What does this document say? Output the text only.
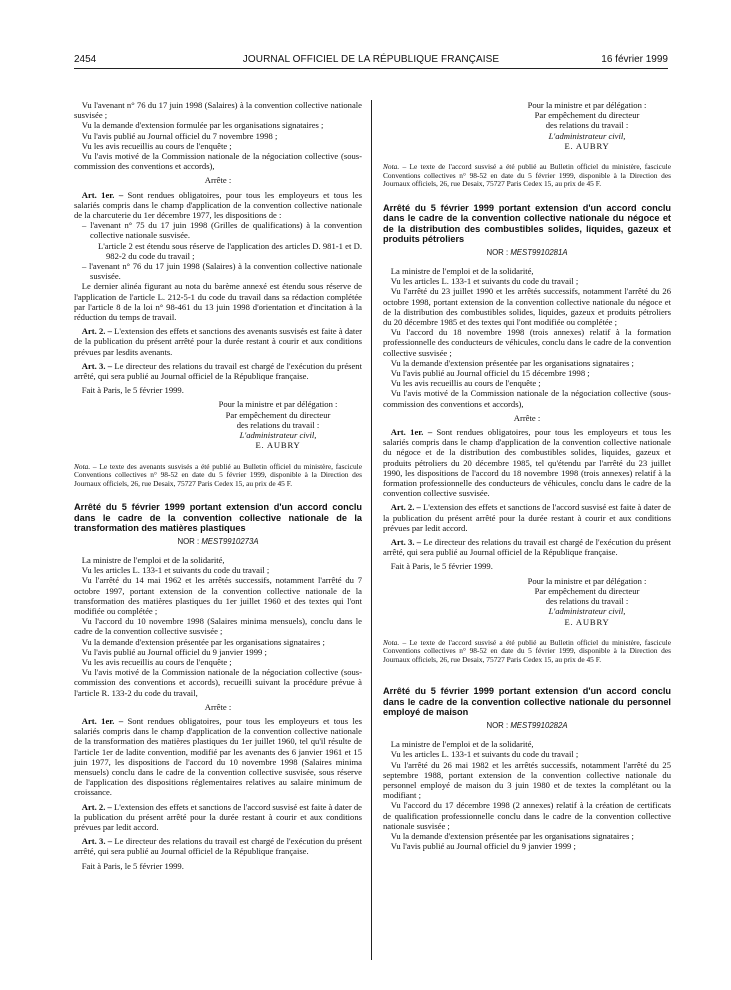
2454	JOURNAL OFFICIEL DE LA RÉPUBLIQUE FRANÇAISE	16 février 1999

Vu l'avenant n° 76 du 17 juin 1998 (Salaires) à la convention collective nationale susvisée ;

Vu la demande d'extension formulée par les organisations signataires ;

Vu l'avis publié au Journal officiel du 7 novembre 1998 ;

Vu les avis recueillis au cours de l'enquête ;

Vu l'avis motivé de la Commission nationale de la négociation collective (sous-commission des conventions et accords),

Arrête :

Art. 1er. – Sont rendues obligatoires, pour tous les employeurs et tous les salariés compris dans le champ d'application de la convention collective nationale de la charcuterie du 1er décembre 1977, les dispositions de :

– l'avenant n° 75 du 17 juin 1998 (Grilles de qualifications) à la convention collective nationale susvisée.
L'article 2 est étendu sous réserve de l'application des articles D. 981-1 et D. 982-2 du code du travail ;
– l'avenant n° 76 du 17 juin 1998 (Salaires) à la convention collective nationale susvisée.

Le dernier alinéa figurant au nota du barème annexé est étendu sous réserve de l'application de l'article L. 212-5-1 du code du travail dans sa rédaction complétée par l'article 8 de la loi n° 98-461 du 13 juin 1998 d'orientation et d'incitation à la réduction du temps de travail.

Art. 2. – L'extension des effets et sanctions des avenants susvisés est faite à dater de la publication du présent arrêté pour la durée restant à courir et aux conditions prévues par lesdits avenants.

Art. 3. – Le directeur des relations du travail est chargé de l'exécution du présent arrêté, qui sera publié au Journal officiel de la République française.

Fait à Paris, le 5 février 1999.

Pour la ministre et par délégation :
Par empêchement du directeur
des relations du travail :
L'administrateur civil,
E. AUBRY
Nota. – Le texte des avenants susvisés a été publié au Bulletin officiel du ministère, fascicule Conventions collectives n° 98-52 en date du 5 février 1999, disponible à la Direction des Journaux officiels, 26, rue Desaix, 75727 Paris Cedex 15, au prix de 45 F.
Arrêté du 5 février 1999 portant extension d'un accord conclu dans le cadre de la convention collective nationale de la transformation des matières plastiques
NOR : MEST9910273A

La ministre de l'emploi et de la solidarité,

Vu les articles L. 133-1 et suivants du code du travail ;

Vu l'arrêté du 14 mai 1962 et les arrêtés successifs, notamment l'arrêté du 7 octobre 1997, portant extension de la convention collective nationale de la transformation des matières plastiques du 1er juillet 1960 et des textes qui l'ont modifiée ou complétée ;

Vu l'accord du 10 novembre 1998 (Salaires minima mensuels), conclu dans le cadre de la convention collective susvisée ;

Vu la demande d'extension présentée par les organisations signataires ;

Vu l'avis publié au Journal officiel du 9 janvier 1999 ;

Vu les avis recueillis au cours de l'enquête ;

Vu l'avis motivé de la Commission nationale de la négociation collective (sous-commission des conventions et accords), recueilli suivant la procédure prévue à l'article R. 133-2 du code du travail,

Arrête :

Art. 1er. – Sont rendues obligatoires, pour tous les employeurs et tous les salariés compris dans le champ d'application de la convention collective nationale de la transformation des matières plastiques du 1er juillet 1960, tel qu'il résulte de l'article 1er de ladite convention, modifié par les avenants des 6 janvier 1961 et 15 juin 1977, les dispositions de l'accord du 10 novembre 1998 (Salaires minima mensuels) conclu dans le cadre de la convention collective susvisée, sous réserve de l'application des dispositions réglementaires relatives au salaire minimum de croissance.

Art. 2. – L'extension des effets et sanctions de l'accord susvisé est faite à dater de la publication du présent arrêté pour la durée restant à courir et aux conditions prévues par ledit accord.

Art. 3. – Le directeur des relations du travail est chargé de l'exécution du présent arrêté, qui sera publié au Journal officiel de la République française.

Fait à Paris, le 5 février 1999.

Pour la ministre et par délégation :
Par empêchement du directeur
des relations du travail :
L'administrateur civil,
E. AUBRY
Nota. – Le texte de l'accord susvisé a été publié au Bulletin officiel du ministère, fascicule Conventions collectives n° 98-52 en date du 5 février 1999, disponible à la Direction des Journaux officiels, 26, rue Desaix, 75727 Paris Cedex 15, au prix de 45 F.
Arrêté du 5 février 1999 portant extension d'un accord conclu dans le cadre de la convention collective nationale du négoce et de la distribution des combustibles solides, liquides, gazeux et produits pétroliers
NOR : MEST9910281A

La ministre de l'emploi et de la solidarité,

Vu les articles L. 133-1 et suivants du code du travail ;

Vu l'arrêté du 23 juillet 1990 et les arrêtés successifs, notamment l'arrêté du 26 octobre 1998, portant extension de la convention collective nationale du négoce et de la distribution des combustibles solides, liquides, gazeux et produits pétroliers du 20 décembre 1985 et des textes qui l'ont modifiée ou complétée ;

Vu l'accord du 18 novembre 1998 (trois annexes) relatif à la formation professionnelle des conducteurs de véhicules, conclu dans le cadre de la convention collective susvisée ;

Vu la demande d'extension présentée par les organisations signataires ;

Vu l'avis publié au Journal officiel du 15 décembre 1998 ;

Vu les avis recueillis au cours de l'enquête ;

Vu l'avis motivé de la Commission nationale de la négociation collective (sous-commission des conventions et accords),

Arrête :

Art. 1er. – Sont rendues obligatoires, pour tous les employeurs et tous les salariés compris dans le champ d'application de la convention collective nationale du négoce et de la distribution des combustibles solides, liquides, gazeux et produits pétroliers du 20 décembre 1985, tel qu'étendu par l'arrêté du 23 juillet 1990, les dispositions de l'accord du 18 novembre 1998 (trois annexes) relatif à la formation professionnelle des conducteurs de véhicules, conclu dans le cadre de la convention collective susvisée.

Art. 2. – L'extension des effets et sanctions de l'accord susvisé est faite à dater de la publication du présent arrêté pour la durée restant à courir et aux conditions prévues par ledit accord.

Art. 3. – Le directeur des relations du travail est chargé de l'exécution du présent arrêté, qui sera publié au Journal officiel de la République française.

Fait à Paris, le 5 février 1999.

Pour la ministre et par délégation :
Par empêchement du directeur
des relations du travail :
L'administrateur civil,
E. AUBRY
Nota. – Le texte de l'accord susvisé a été publié au Bulletin officiel du ministère, fascicule Conventions collectives n° 98-52 en date du 5 février 1999, disponible à la Direction des Journaux officiels, 26, rue Desaix, 75727 Paris Cedex 15, au prix de 45 F.
Arrêté du 5 février 1999 portant extension d'un accord conclu dans le cadre de la convention collective nationale du personnel employé de maison
NOR : MEST9910282A

La ministre de l'emploi et de la solidarité,

Vu les articles L. 133-1 et suivants du code du travail ;

Vu l'arrêté du 26 mai 1982 et les arrêtés successifs, notamment l'arrêté du 25 septembre 1988, portant extension de la convention collective nationale du personnel employé de maison du 3 juin 1980 et de textes la complétant ou la modifiant ;

Vu l'accord du 17 décembre 1998 (2 annexes) relatif à la création de certificats de qualification professionnelle conclu dans le cadre de la convention collective nationale susvisée ;

Vu la demande d'extension présentée par les organisations signataires ;

Vu l'avis publié au Journal officiel du 9 janvier 1999 ;
